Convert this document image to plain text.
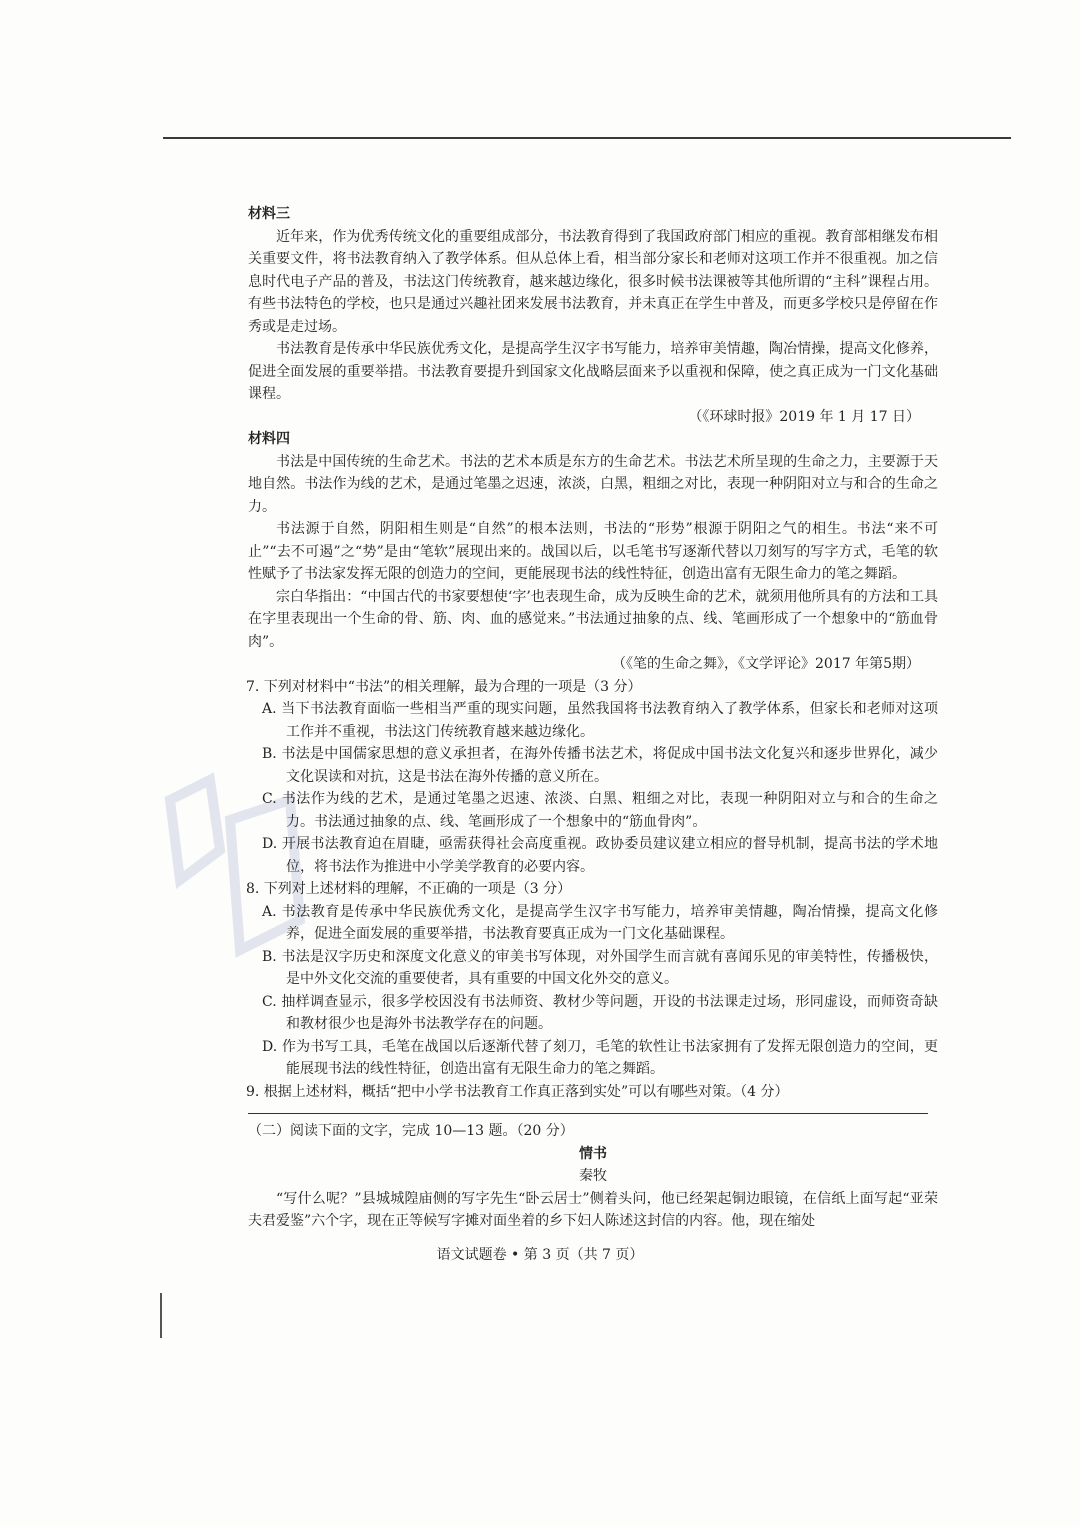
材料三
近年来，作为优秀传统文化的重要组成部分，书法教育得到了我国政府部门相应的重视。教育部相继发布相关重要文件，将书法教育纳入了教学体系。但从总体上看，相当部分家长和老师对这项工作并不很重视。加之信息时代电子产品的普及，书法这门传统教育，越来越边缘化，很多时候书法课被等其他所谓的“主科”课程占用。有些书法特色的学校，也只是通过兴趣社团来发展书法教育，并未真正在学生中普及，而更多学校只是停留在作秀或是走过场。
书法教育是传承中华民族优秀文化，是提高学生汉字书写能力，培养审美情趣，陶冶情操，提高文化修养，促进全面发展的重要举措。书法教育要提升到国家文化战略层面来予以重视和保障，使之真正成为一门文化基础课程。
（《环球时报》2019 年 1 月 17 日）
材料四
书法是中国传统的生命艺术。书法的艺术本质是东方的生命艺术。书法艺术所呈现的生命之力，主要源于天地自然。书法作为线的艺术，是通过笔墨之迟速，浓淡，白黑，粗细之对比，表现一种阴阳对立与和合的生命之力。
书法源于自然，阴阳相生则是“自然”的根本法则，书法的“形势”根源于阴阳之气的相生。书法“来不可止”“去不可遏”之“势”是由“笔软”展现出来的。战国以后，以毛笔书写逐渐代替以刀刻写的写字方式，毛笔的软性赋予了书法家发挥无限的创造力的空间，更能展现书法的线性特征，创造出富有无限生命力的笔之舞蹈。
宗白华指出：“中国古代的书家要想使‘字’也表现生命，成为反映生命的艺术，就须用他所具有的方法和工具在字里表现出一个生命的骨、筋、肉、血的感觉来。”书法通过抽象的点、线、笔画形成了一个想象中的“筋血骨肉”。
（《笔的生命之舞》，《文学评论》2017 年第5期）
7. 下列对材料中“书法”的相关理解，最为合理的一项是（3 分）
A. 当下书法教育面临一些相当严重的现实问题，虽然我国将书法教育纳入了教学体系，但家长和老师对这项工作并不重视，书法这门传统教育越来越边缘化。
B. 书法是中国儒家思想的意义承担者，在海外传播书法艺术，将促成中国书法文化复兴和逐步世界化，减少文化误读和对抗，这是书法在海外传播的意义所在。
C. 书法作为线的艺术，是通过笔墨之迟速、浓淡、白黑、粗细之对比，表现一种阴阳对立与和合的生命之力。书法通过抽象的点、线、笔画形成了一个想象中的“筋血骨肉”。
D. 开展书法教育迫在眉睫，亟需获得社会高度重视。政协委员建议建立相应的督导机制，提高书法的学术地位，将书法作为推进中小学美学教育的必要内容。
8. 下列对上述材料的理解，不正确的一项是（3 分）
A. 书法教育是传承中华民族优秀文化，是提高学生汉字书写能力，培养审美情趣，陶冶情操，提高文化修养，促进全面发展的重要举措，书法教育要真正成为一门文化基础课程。
B. 书法是汉字历史和深度文化意义的审美书写体现，对外国学生而言就有喜闻乐见的审美特性，传播极快，是中外文化交流的重要使者，具有重要的中国文化外交的意义。
C. 抽样调查显示，很多学校因没有书法师资、教材少等问题，开设的书法课走过场，形同虚设，而师资奇缺和教材很少也是海外书法教学存在的问题。
D. 作为书写工具，毛笔在战国以后逐渐代替了刻刀，毛笔的软性让书法家拥有了发挥无限创造力的空间，更能展现书法的线性特征，创造出富有无限生命力的笔之舞蹈。
9. 根据上述材料，概括“把中小学书法教育工作真正落到实处”可以有哪些对策。（4 分）
（二）阅读下面的文字，完成 10—13 题。（20 分）
情书
秦牧
“写什么呢？”县城城隍庙侧的写字先生“卧云居士”侧着头问，他已经架起铜边眼镜，在信纸上面写起“亚荣夫君爱鉴”六个字，现在正等候写字摊对面坐着的乡下妇人陈述这封信的内容。他，现在缩处
语文试题卷 • 第 3 页（共 7 页）
